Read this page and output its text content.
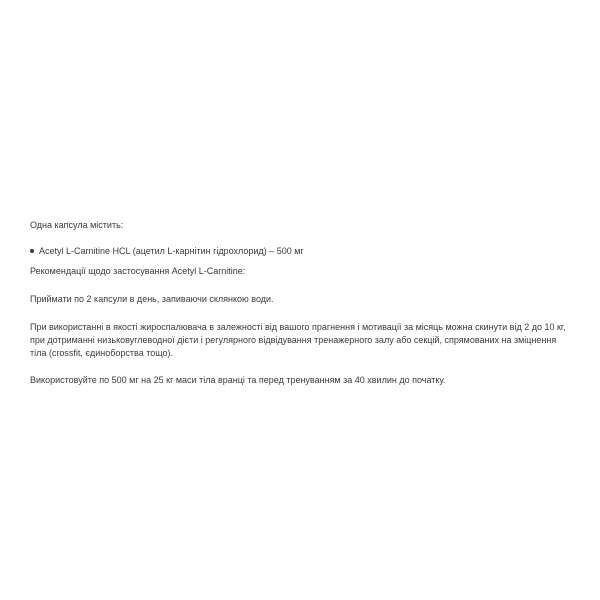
Одна капсула містить:

Acetyl L-Carnitine HCL (ацетил L-карнітин гідрохлорид) – 500 мг

Рекомендації щодо застосування Acetyl L-Carnitine:

Приймати по 2 капсули в день, запиваючи склянкою води.

При використанні в якості жироспалювача в залежності від вашого прагнення і мотивації за місяць можна скинути від 2 до 10 кг, при дотриманні низьковуглеводної дієти і регулярного відвідування тренажерного залу або секцій, спрямованих на зміцнення тіла (crossfit, єдиноборства тощо).

Використовуйте по 500 мг на 25 кг маси тіла вранці та перед тренуванням за 40 хвилин до початку.
